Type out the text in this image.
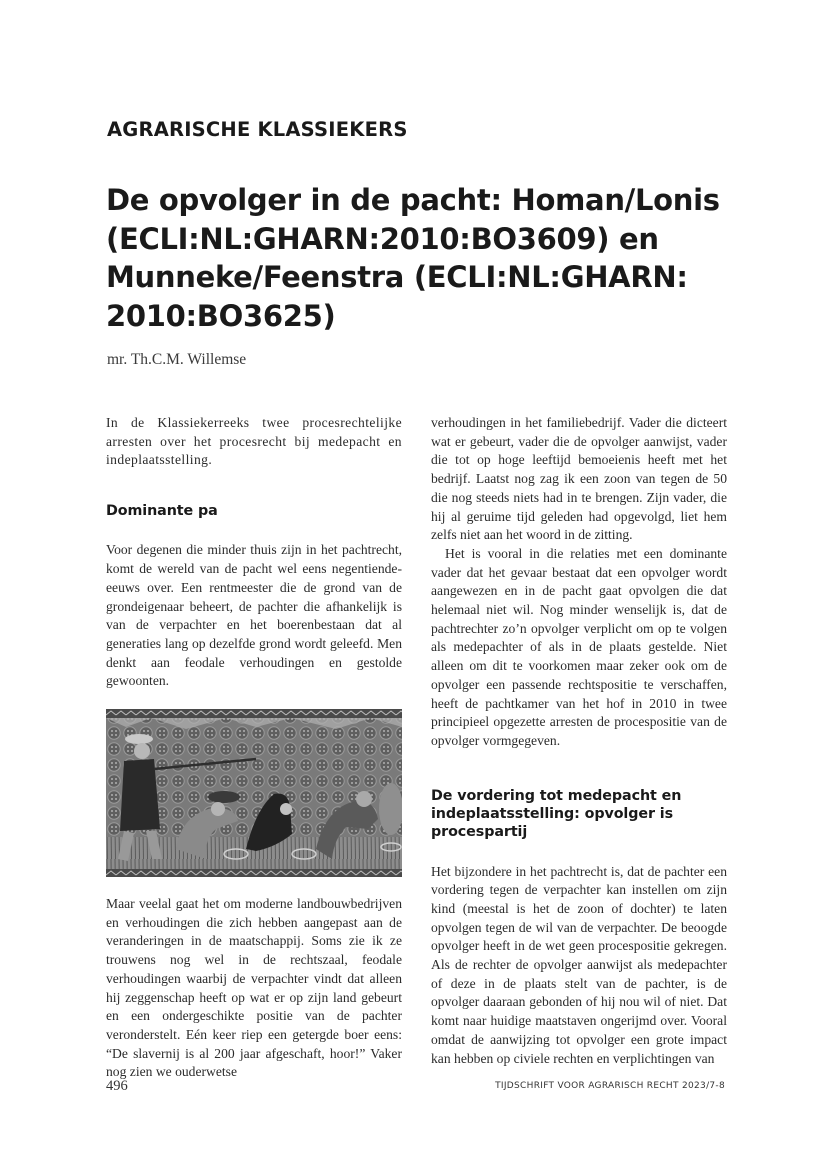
AGRARISCHE KLASSIEKERS
De opvolger in de pacht: Homan/Lonis (ECLI:NL:GHARN:2010:BO3609) en Munneke/Feenstra (ECLI:NL:GHARN: 2010:BO3625)
mr. Th.C.M. Willemse

In de Klassiekerreeks twee procesrechtelijke arresten over het procesrecht bij medepacht en indeplaatsstelling.

Dominante pa

Voor degenen die minder thuis zijn in het pachtrecht, komt de wereld van de pacht wel eens negentiende-eeuws over. Een rentmeester die de grond van de grondeigenaar beheert, de pachter die afhankelijk is van de verpachter en het boerenbestaan dat al generaties lang op dezelfde grond wordt geleefd. Men denkt aan feodale verhoudingen en gestolde gewoonten.

Maar veelal gaat het om moderne landbouwbedrijven en verhoudingen die zich hebben aangepast aan de veranderingen in de maatschappij. Soms zie ik ze trouwens nog wel in de rechtszaal, feodale verhoudingen waarbij de verpachter vindt dat alleen hij zeggenschap heeft op wat er op zijn land gebeurt en een ondergeschikte positie van de pachter veronderstelt. Eén keer riep een getergde boer eens: “De slavernij is al 200 jaar afgeschaft, hoor!” Vaker nog zien we ouderwetse

verhoudingen in het familiebedrijf. Vader die dicteert wat er gebeurt, vader die de opvolger aanwijst, vader die tot op hoge leeftijd bemoeienis heeft met het bedrijf. Laatst nog zag ik een zoon van tegen de 50 die nog steeds niets had in te brengen. Zijn vader, die hij al geruime tijd geleden had opgevolgd, liet hem zelfs niet aan het woord in de zitting.

Het is vooral in die relaties met een dominante vader dat het gevaar bestaat dat een opvolger wordt aangewezen en in de pacht gaat opvolgen die dat helemaal niet wil. Nog minder wenselijk is, dat de pachtrechter zo’n opvolger verplicht om op te volgen als medepachter of als in de plaats gestelde. Niet alleen om dit te voorkomen maar zeker ook om de opvolger een passende rechtspositie te verschaffen, heeft de pachtkamer van het hof in 2010 in twee principieel opgezette arresten de procespositie van de opvolger vormgegeven.

De vordering tot medepacht en indeplaatsstelling: opvolger is procespartij

Het bijzondere in het pachtrecht is, dat de pachter een vordering tegen de verpachter kan instellen om zijn kind (meestal is het de zoon of dochter) te laten opvolgen tegen de wil van de verpachter. De beoogde opvolger heeft in de wet geen procespositie gekregen. Als de rechter de opvolger aanwijst als medepachter of deze in de plaats stelt van de pachter, is de opvolger daaraan gebonden of hij nou wil of niet. Dat komt naar huidige maatstaven ongerijmd over. Vooral omdat de aanwijzing tot opvolger een grote impact kan hebben op civiele rechten en verplichtingen van

496	TIJDSCHRIFT VOOR AGRARISCH RECHT 2023/7-8
